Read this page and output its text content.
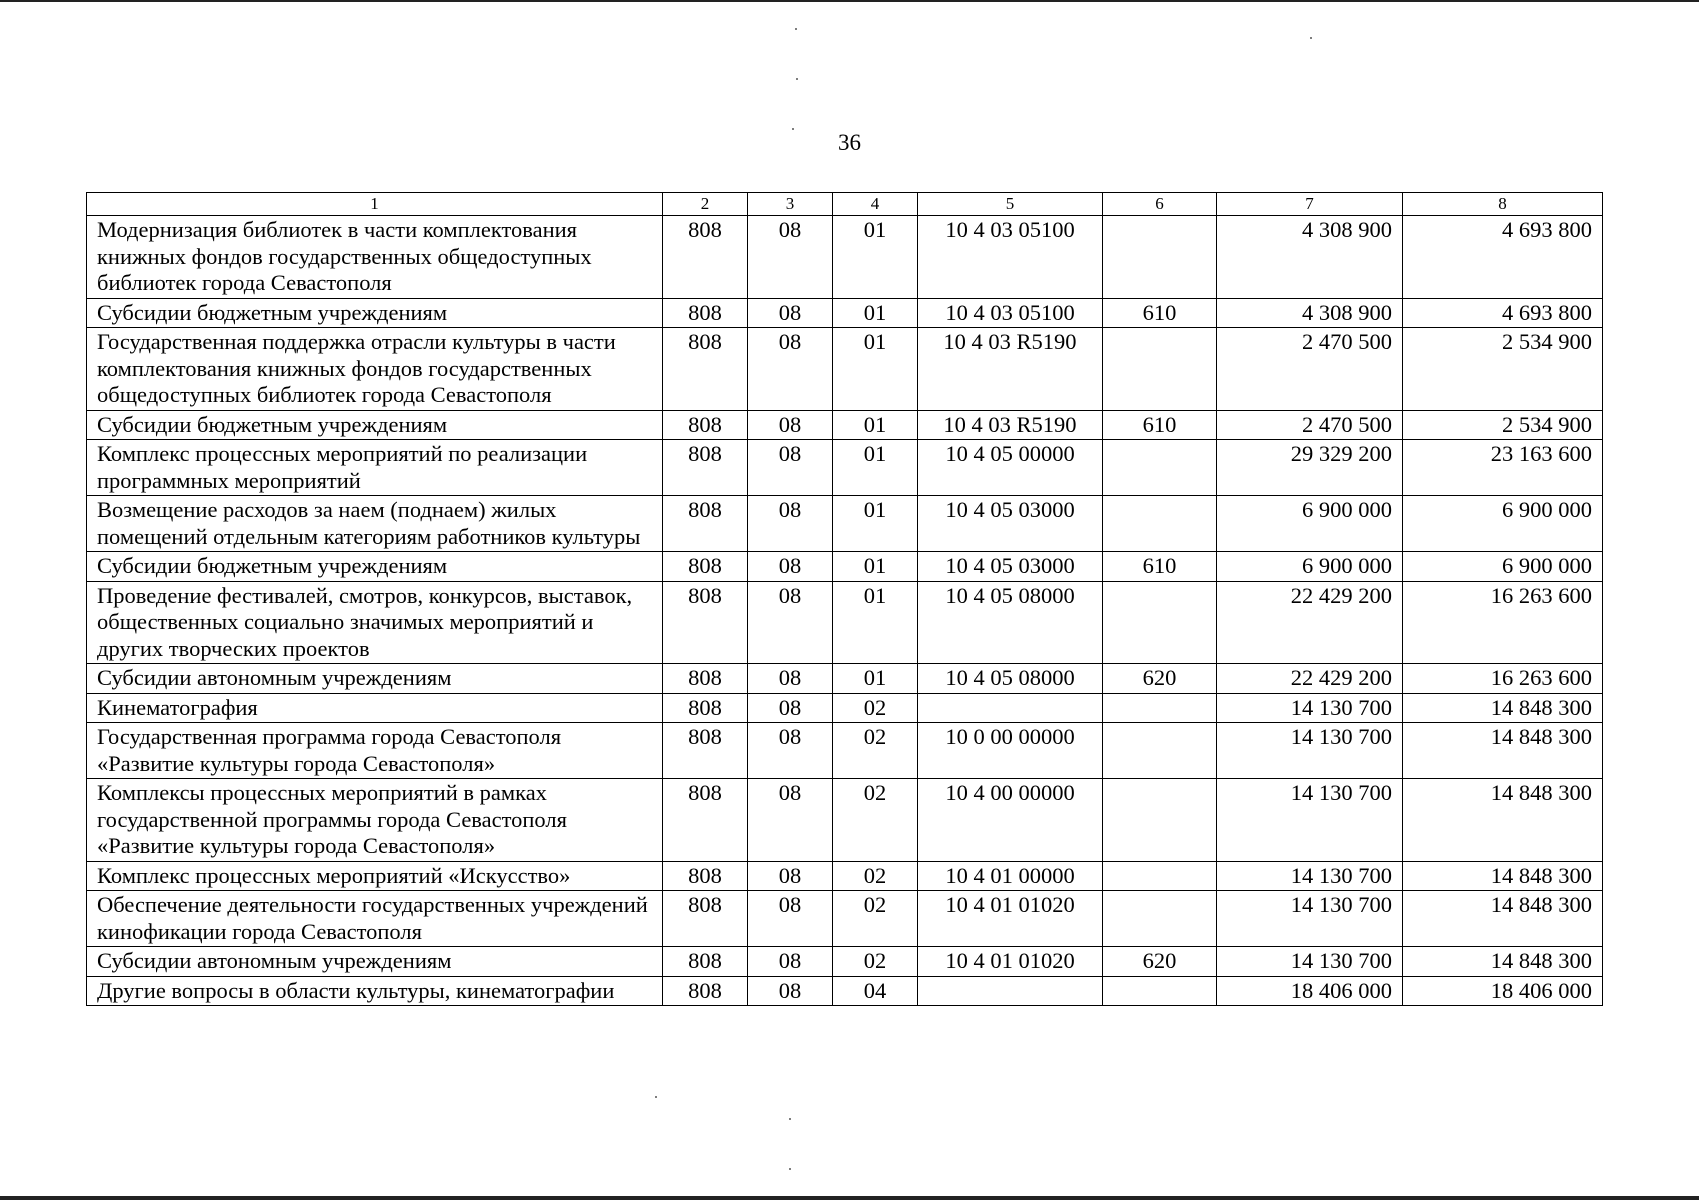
36
1	2	3	4	5	6	7	8
Модернизация библиотек в части комплектования книжных фондов государственных общедоступных библиотек города Севастополя	808	08	01	10 4 03 05100		4 308 900	4 693 800
Субсидии бюджетным учреждениям	808	08	01	10 4 03 05100	610	4 308 900	4 693 800
Государственная поддержка отрасли культуры в части комплектования книжных фондов государственных общедоступных библиотек города Севастополя	808	08	01	10 4 03 R5190		2 470 500	2 534 900
Субсидии бюджетным учреждениям	808	08	01	10 4 03 R5190	610	2 470 500	2 534 900
Комплекс процессных мероприятий по реализации программных мероприятий	808	08	01	10 4 05 00000		29 329 200	23 163 600
Возмещение расходов за наем (поднаем) жилых помещений отдельным категориям работников культуры	808	08	01	10 4 05 03000		6 900 000	6 900 000
Субсидии бюджетным учреждениям	808	08	01	10 4 05 03000	610	6 900 000	6 900 000
Проведение фестивалей, смотров, конкурсов, выставок, общественных социально значимых мероприятий и других творческих проектов	808	08	01	10 4 05 08000		22 429 200	16 263 600
Субсидии автономным учреждениям	808	08	01	10 4 05 08000	620	22 429 200	16 263 600
Кинематография	808	08	02			14 130 700	14 848 300
Государственная программа города Севастополя «Развитие культуры города Севастополя»	808	08	02	10 0 00 00000		14 130 700	14 848 300
Комплексы процессных мероприятий в рамках государственной программы города Севастополя «Развитие культуры города Севастополя»	808	08	02	10 4 00 00000		14 130 700	14 848 300
Комплекс процессных мероприятий «Искусство»	808	08	02	10 4 01 00000		14 130 700	14 848 300
Обеспечение деятельности государственных учреждений кинофикации города Севастополя	808	08	02	10 4 01 01020		14 130 700	14 848 300
Субсидии автономным учреждениям	808	08	02	10 4 01 01020	620	14 130 700	14 848 300
Другие вопросы в области культуры, кинематографии	808	08	04			18 406 000	18 406 000
